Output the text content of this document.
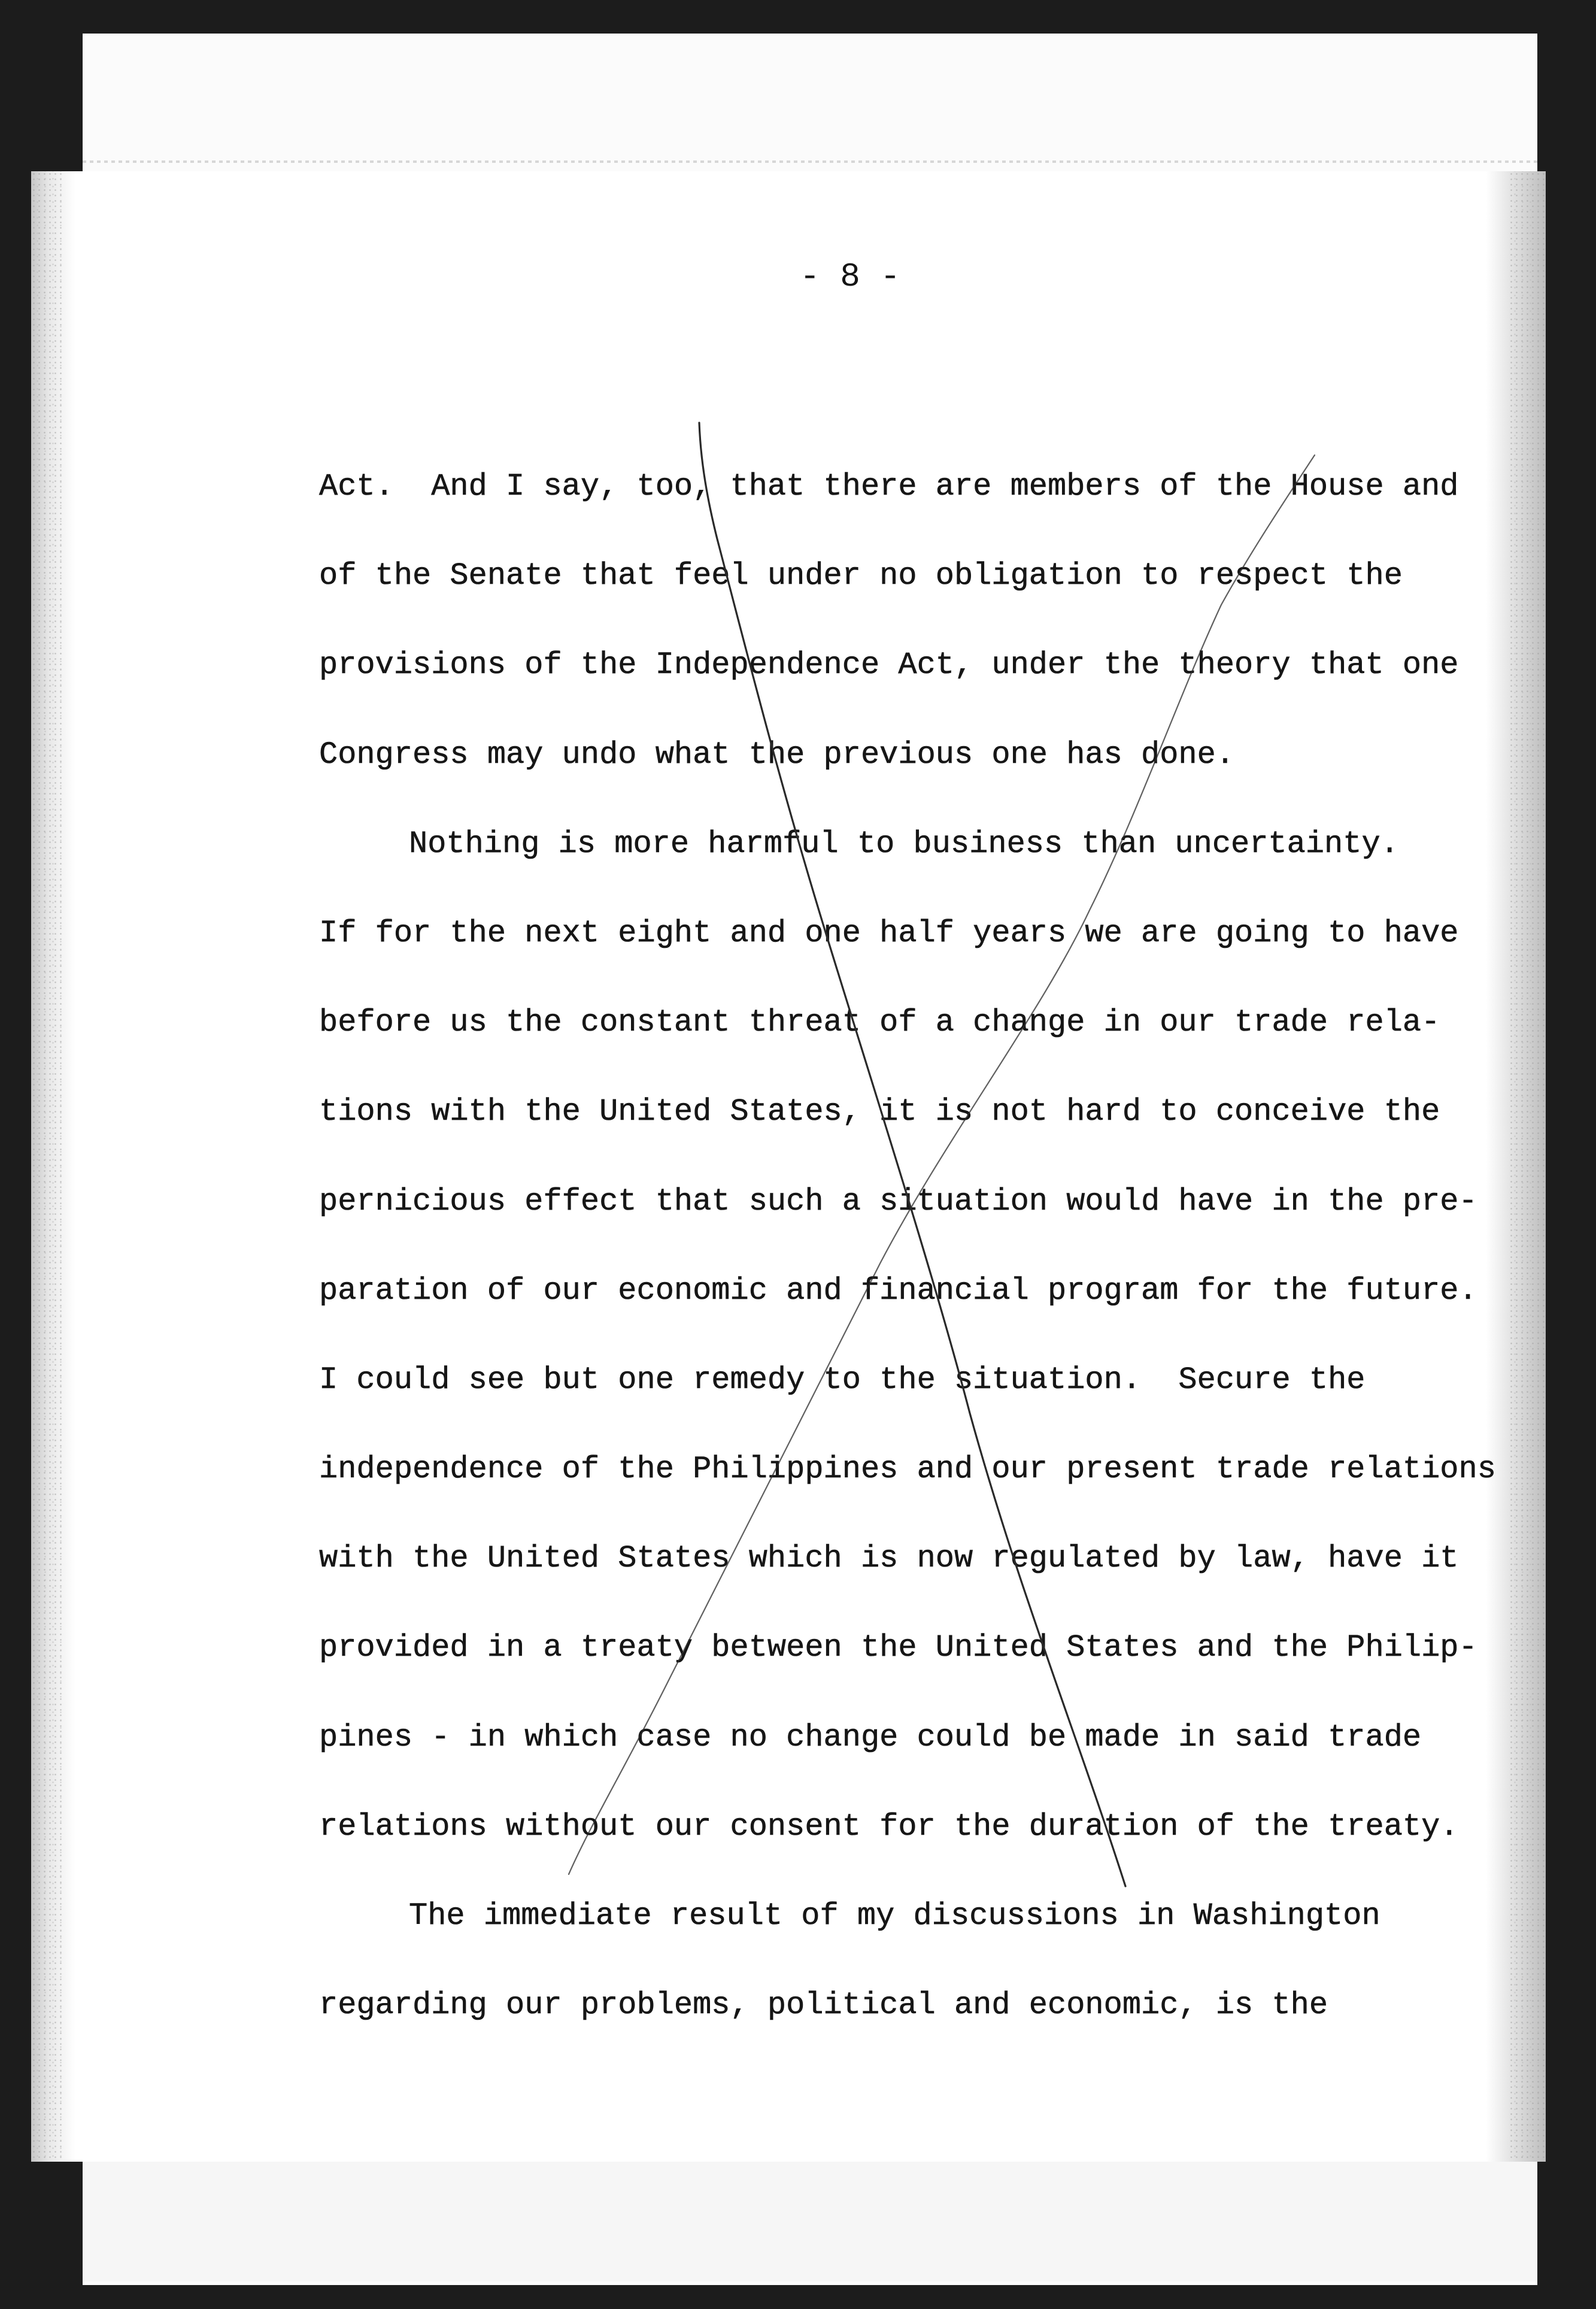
- 8 -
Act.  And I say, too, that there are members of the House and
of the Senate that feel under no obligation to respect the
provisions of the Independence Act, under the theory that one
Congress may undo what the previous one has done.
Nothing is more harmful to business than uncertainty.
If for the next eight and one half years we are going to have
before us the constant threat of a change in our trade rela-
tions with the United States, it is not hard to conceive the
pernicious effect that such a situation would have in the pre-
paration of our economic and financial program for the future.
I could see but one remedy to the situation.  Secure the
independence of the Philippines and our present trade relations
with the United States which is now regulated by law, have it
provided in a treaty between the United States and the Philip-
pines - in which case no change could be made in said trade
relations without our consent for the duration of the treaty.
The immediate result of my discussions in Washington
regarding our problems, political and economic, is the
